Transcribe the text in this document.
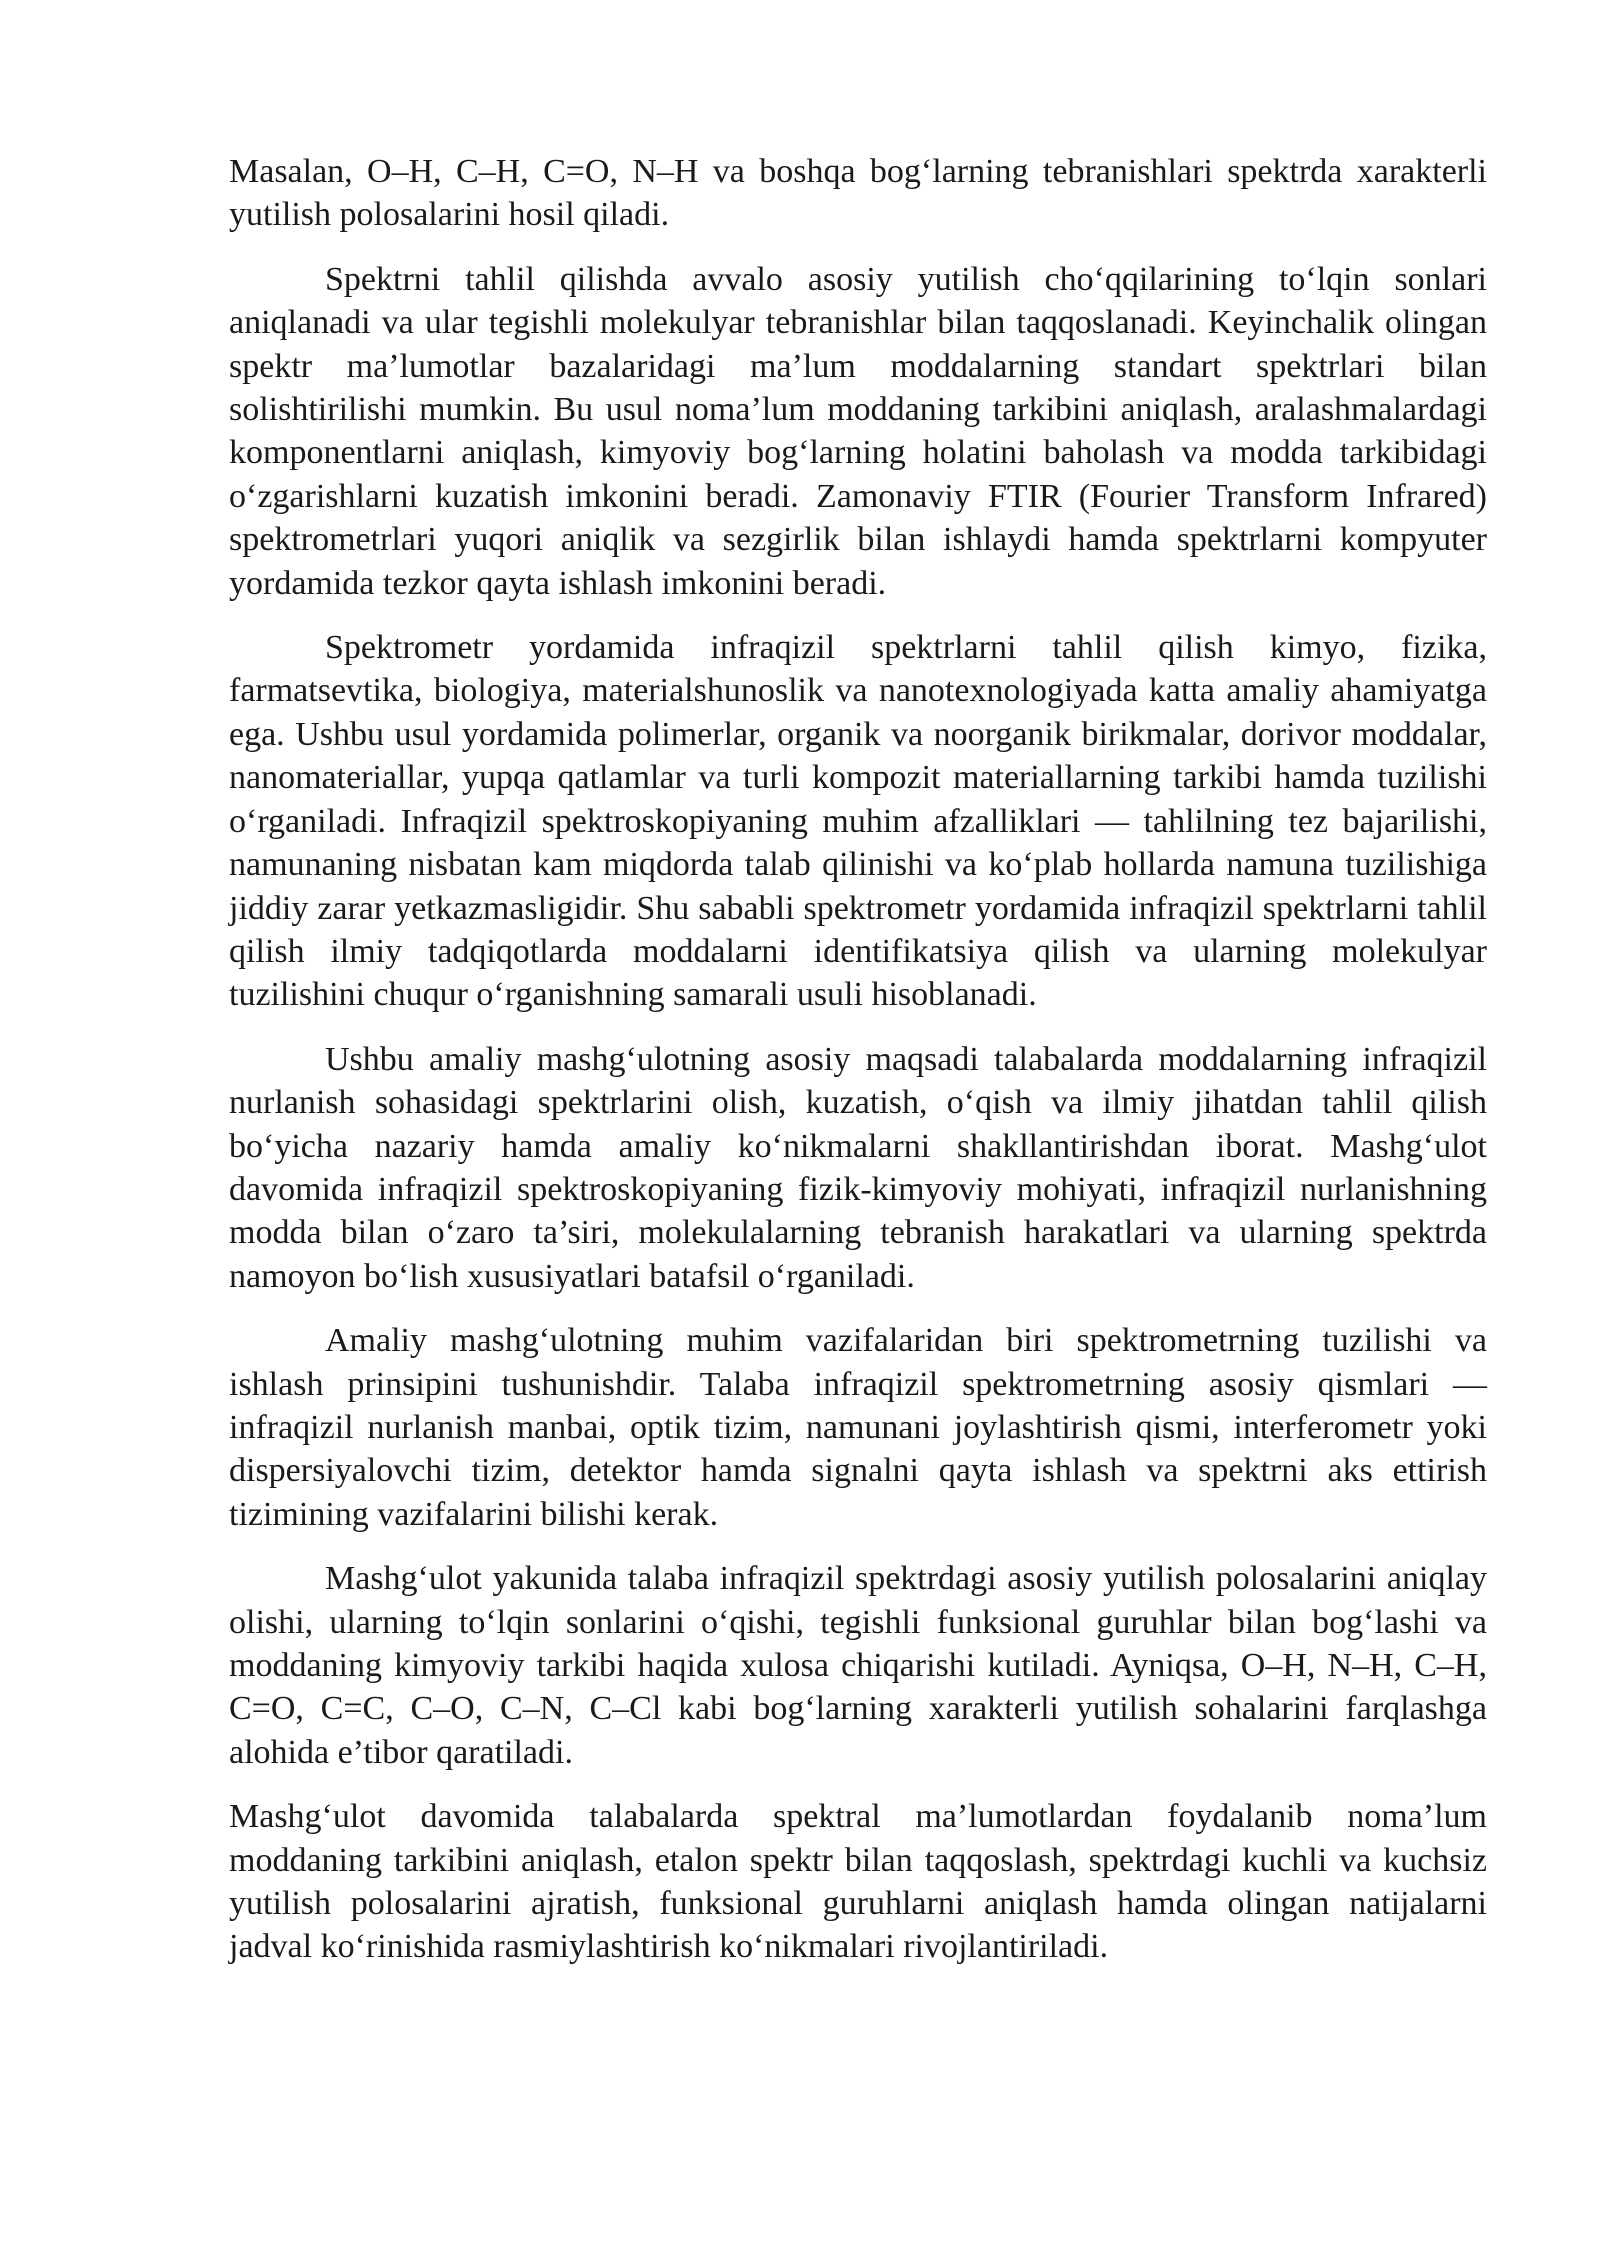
Masalan, O–H, C–H, C=O, N–H va boshqa bog‘larning tebranishlari spektrda xarakterli yutilish polosalarini hosil qiladi.

Spektrni tahlil qilishda avvalo asosiy yutilish cho‘qqilarining to‘lqin sonlari aniqlanadi va ular tegishli molekulyar tebranishlar bilan taqqoslanadi. Keyinchalik olingan spektr ma’lumotlar bazalaridagi ma’lum moddalarning standart spektrlari bilan solishtirilishi mumkin. Bu usul noma’lum moddaning tarkibini aniqlash, aralashmalardagi komponentlarni aniqlash, kimyoviy bog‘larning holatini baholash va modda tarkibidagi o‘zgarishlarni kuzatish imkonini beradi. Zamonaviy FTIR (Fourier Transform Infrared) spektrometrlari yuqori aniqlik va sezgirlik bilan ishlaydi hamda spektrlarni kompyuter yordamida tezkor qayta ishlash imkonini beradi.

Spektrometr yordamida infraqizil spektrlarni tahlil qilish kimyo, fizika, farmatsevtika, biologiya, materialshunoslik va nanotexnologiyada katta amaliy ahamiyatga ega. Ushbu usul yordamida polimerlar, organik va noorganik birikmalar, dorivor moddalar, nanomateriallar, yupqa qatlamlar va turli kompozit materiallarning tarkibi hamda tuzilishi o‘rganiladi. Infraqizil spektroskopiyaning muhim afzalliklari — tahlilning tez bajarilishi, namunaning nisbatan kam miqdorda talab qilinishi va ko‘plab hollarda namuna tuzilishiga jiddiy zarar yetkazmasligidir. Shu sababli spektrometr yordamida infraqizil spektrlarni tahlil qilish ilmiy tadqiqotlarda moddalarni identifikatsiya qilish va ularning molekulyar tuzilishini chuqur o‘rganishning samarali usuli hisoblanadi.

Ushbu amaliy mashg‘ulotning asosiy maqsadi talabalarda moddalarning infraqizil nurlanish sohasidagi spektrlarini olish, kuzatish, o‘qish va ilmiy jihatdan tahlil qilish bo‘yicha nazariy hamda amaliy ko‘nikmalarni shakllantirishdan iborat. Mashg‘ulot davomida infraqizil spektroskopiyaning fizik-kimyoviy mohiyati, infraqizil nurlanishning modda bilan o‘zaro ta’siri, molekulalarning tebranish harakatlari va ularning spektrda namoyon bo‘lish xususiyatlari batafsil o‘rganiladi.

Amaliy mashg‘ulotning muhim vazifalaridan biri spektrometrning tuzilishi va ishlash prinsipini tushunishdir. Talaba infraqizil spektrometrning asosiy qismlari — infraqizil nurlanish manbai, optik tizim, namunani joylashtirish qismi, interferometr yoki dispersiyalovchi tizim, detektor hamda signalni qayta ishlash va spektrni aks ettirish tizimining vazifalarini bilishi kerak.

Mashg‘ulot yakunida talaba infraqizil spektrdagi asosiy yutilish polosalarini aniqlay olishi, ularning to‘lqin sonlarini o‘qishi, tegishli funksional guruhlar bilan bog‘lashi va moddaning kimyoviy tarkibi haqida xulosa chiqarishi kutiladi. Ayniqsa, O–H, N–H, C–H, C=O, C=C, C–O, C–N, C–Cl kabi bog‘larning xarakterli yutilish sohalarini farqlashga alohida e’tibor qaratiladi.

Mashg‘ulot davomida talabalarda spektral ma’lumotlardan foydalanib noma’lum moddaning tarkibini aniqlash, etalon spektr bilan taqqoslash, spektrdagi kuchli va kuchsiz yutilish polosalarini ajratish, funksional guruhlarni aniqlash hamda olingan natijalarni jadval ko‘rinishida rasmiylashtirish ko‘nikmalari rivojlantiriladi.
